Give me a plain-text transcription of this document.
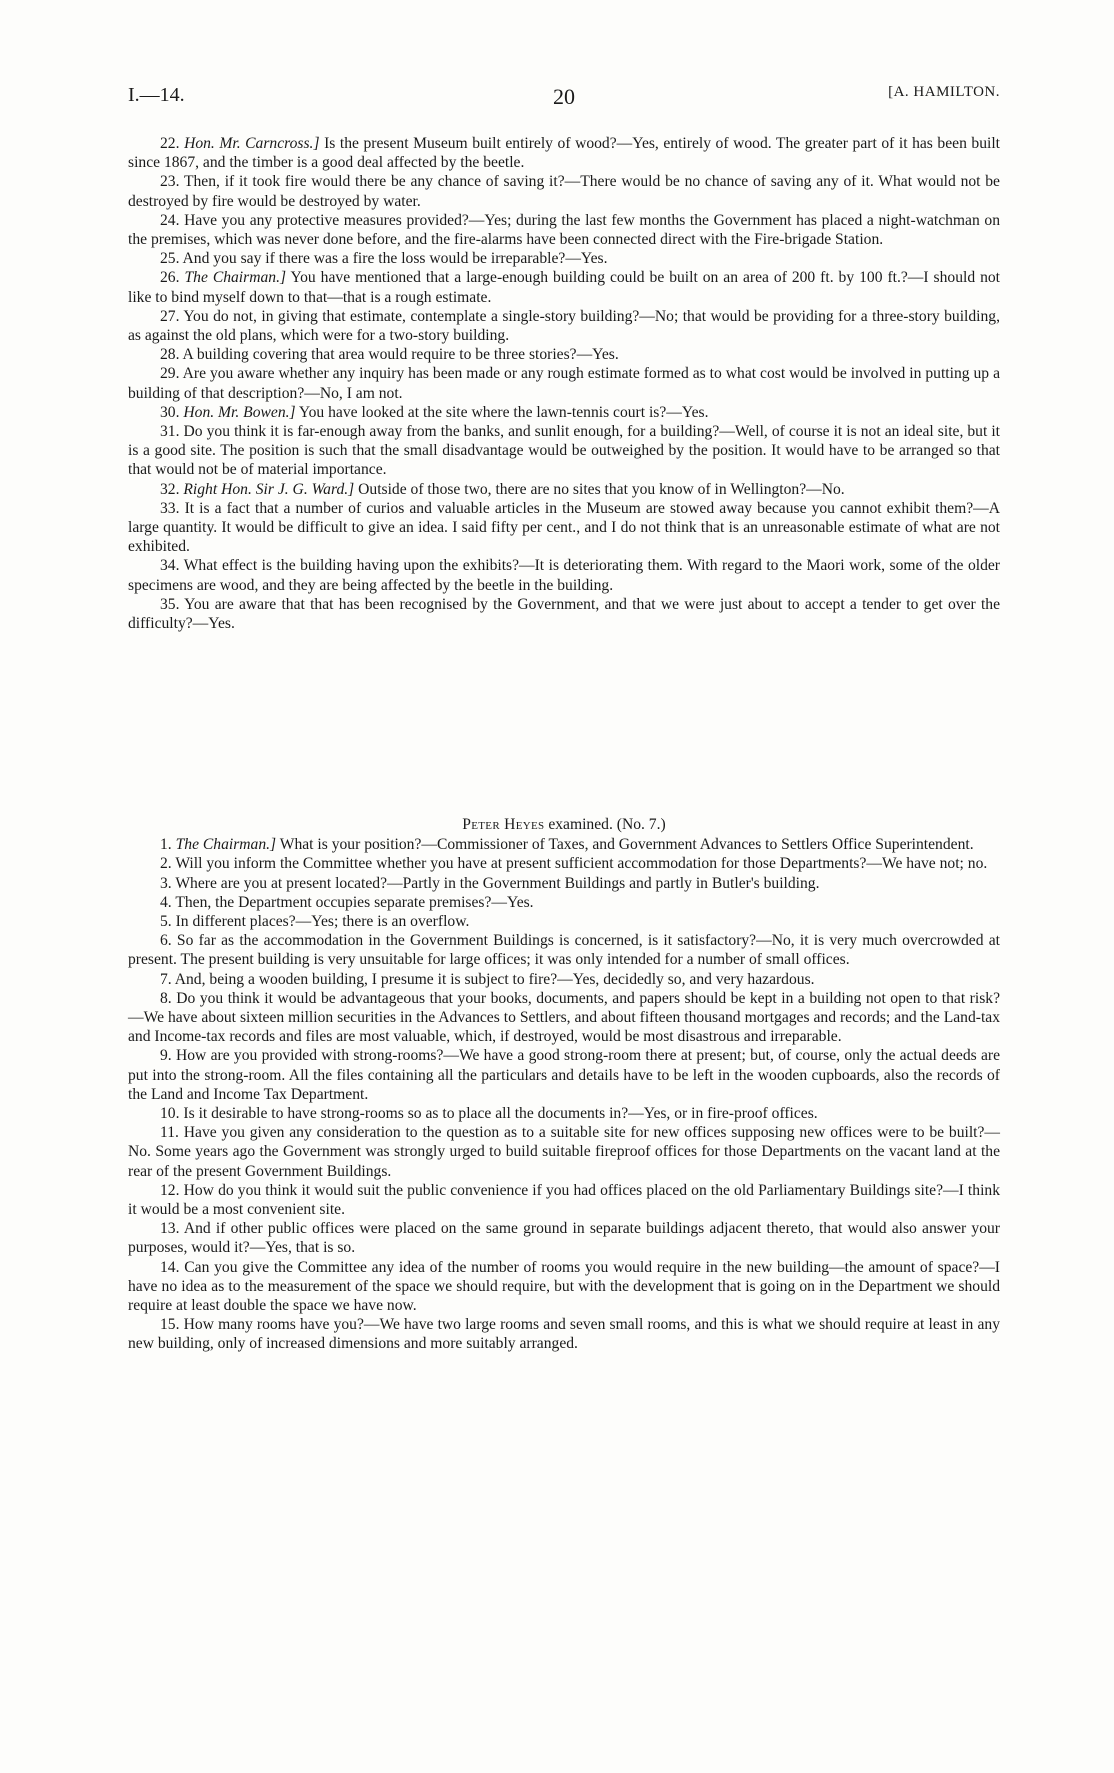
I.—14.	20	[A. HAMILTON.

22. Hon. Mr. Carncross.] Is the present Museum built entirely of wood?—Yes, entirely of wood. The greater part of it has been built since 1867, and the timber is a good deal affected by the beetle.

23. Then, if it took fire would there be any chance of saving it?—There would be no chance of saving any of it. What would not be destroyed by fire would be destroyed by water.

24. Have you any protective measures provided?—Yes; during the last few months the Government has placed a night-watchman on the premises, which was never done before, and the fire-alarms have been connected direct with the Fire-brigade Station.

25. And you say if there was a fire the loss would be irreparable?—Yes.

26. The Chairman.] You have mentioned that a large-enough building could be built on an area of 200 ft. by 100 ft.?—I should not like to bind myself down to that—that is a rough estimate.

27. You do not, in giving that estimate, contemplate a single-story building?—No; that would be providing for a three-story building, as against the old plans, which were for a two-story building.

28. A building covering that area would require to be three stories?—Yes.

29. Are you aware whether any inquiry has been made or any rough estimate formed as to what cost would be involved in putting up a building of that description?—No, I am not.

30. Hon. Mr. Bowen.] You have looked at the site where the lawn-tennis court is?—Yes.

31. Do you think it is far-enough away from the banks, and sunlit enough, for a building?—Well, of course it is not an ideal site, but it is a good site. The position is such that the small disadvantage would be outweighed by the position. It would have to be arranged so that that would not be of material importance.

32. Right Hon. Sir J. G. Ward.] Outside of those two, there are no sites that you know of in Wellington?—No.

33. It is a fact that a number of curios and valuable articles in the Museum are stowed away because you cannot exhibit them?—A large quantity. It would be difficult to give an idea. I said fifty per cent., and I do not think that is an unreasonable estimate of what are not exhibited.

34. What effect is the building having upon the exhibits?—It is deteriorating them. With regard to the Maori work, some of the older specimens are wood, and they are being affected by the beetle in the building.

35. You are aware that that has been recognised by the Government, and that we were just about to accept a tender to get over the difficulty?—Yes.

Peter Heyes examined. (No. 7.)

1. The Chairman.] What is your position?—Commissioner of Taxes, and Government Advances to Settlers Office Superintendent.

2. Will you inform the Committee whether you have at present sufficient accommodation for those Departments?—We have not; no.

3. Where are you at present located?—Partly in the Government Buildings and partly in Butler's building.

4. Then, the Department occupies separate premises?—Yes.

5. In different places?—Yes; there is an overflow.

6. So far as the accommodation in the Government Buildings is concerned, is it satisfactory?—No, it is very much overcrowded at present. The present building is very unsuitable for large offices; it was only intended for a number of small offices.

7. And, being a wooden building, I presume it is subject to fire?—Yes, decidedly so, and very hazardous.

8. Do you think it would be advantageous that your books, documents, and papers should be kept in a building not open to that risk?—We have about sixteen million securities in the Advances to Settlers, and about fifteen thousand mortgages and records; and the Land-tax and Income-tax records and files are most valuable, which, if destroyed, would be most disastrous and irreparable.

9. How are you provided with strong-rooms?—We have a good strong-room there at present; but, of course, only the actual deeds are put into the strong-room. All the files containing all the particulars and details have to be left in the wooden cupboards, also the records of the Land and Income Tax Department.

10. Is it desirable to have strong-rooms so as to place all the documents in?—Yes, or in fire-proof offices.

11. Have you given any consideration to the question as to a suitable site for new offices supposing new offices were to be built?—No. Some years ago the Government was strongly urged to build suitable fireproof offices for those Departments on the vacant land at the rear of the present Government Buildings.

12. How do you think it would suit the public convenience if you had offices placed on the old Parliamentary Buildings site?—I think it would be a most convenient site.

13. And if other public offices were placed on the same ground in separate buildings adjacent thereto, that would also answer your purposes, would it?—Yes, that is so.

14. Can you give the Committee any idea of the number of rooms you would require in the new building—the amount of space?—I have no idea as to the measurement of the space we should require, but with the development that is going on in the Department we should require at least double the space we have now.

15. How many rooms have you?—We have two large rooms and seven small rooms, and this is what we should require at least in any new building, only of increased dimensions and more suitably arranged.
